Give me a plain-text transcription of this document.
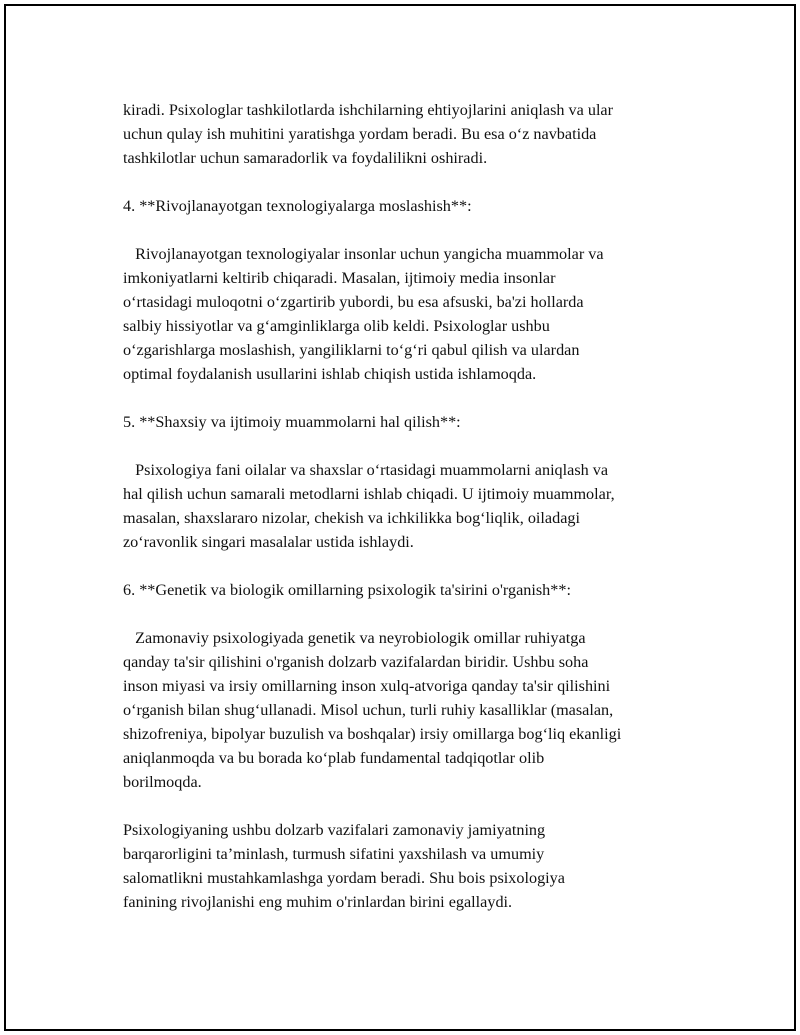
kiradi. Psixologlar tashkilotlarda ishchilarning ehtiyojlarini aniqlash va ular
uchun qulay ish muhitini yaratishga yordam beradi. Bu esa o‘z navbatida
tashkilotlar uchun samaradorlik va foydalilikni oshiradi.
4. **Rivojlanayotgan texnologiyalarga moslashish**:
Rivojlanayotgan texnologiyalar insonlar uchun yangicha muammolar va
imkoniyatlarni keltirib chiqaradi. Masalan, ijtimoiy media insonlar
o‘rtasidagi muloqotni o‘zgartirib yubordi, bu esa afsuski, ba'zi hollarda
salbiy hissiyotlar va g‘amginliklarga olib keldi. Psixologlar ushbu
o‘zgarishlarga moslashish, yangiliklarni to‘g‘ri qabul qilish va ulardan
optimal foydalanish usullarini ishlab chiqish ustida ishlamoqda.
5. **Shaxsiy va ijtimoiy muammolarni hal qilish**:
Psixologiya fani oilalar va shaxslar o‘rtasidagi muammolarni aniqlash va
hal qilish uchun samarali metodlarni ishlab chiqadi. U ijtimoiy muammolar,
masalan, shaxslararo nizolar, chekish va ichkilikka bog‘liqlik, oiladagi
zo‘ravonlik singari masalalar ustida ishlaydi.
6. **Genetik va biologik omillarning psixologik ta'sirini o'rganish**:
Zamonaviy psixologiyada genetik va neyrobiologik omillar ruhiyatga
qanday ta'sir qilishini o'rganish dolzarb vazifalardan biridir. Ushbu soha
inson miyasi va irsiy omillarning inson xulq-atvoriga qanday ta'sir qilishini
o‘rganish bilan shug‘ullanadi. Misol uchun, turli ruhiy kasalliklar (masalan,
shizofreniya, bipolyar buzulish va boshqalar) irsiy omillarga bog‘liq ekanligi
aniqlanmoqda va bu borada ko‘plab fundamental tadqiqotlar olib
borilmoqda.
Psixologiyaning ushbu dolzarb vazifalari zamonaviy jamiyatning
barqarorligini ta’minlash, turmush sifatini yaxshilash va umumiy
salomatlikni mustahkamlashga yordam beradi. Shu bois psixologiya
fanining rivojlanishi eng muhim o'rinlardan birini egallaydi.
